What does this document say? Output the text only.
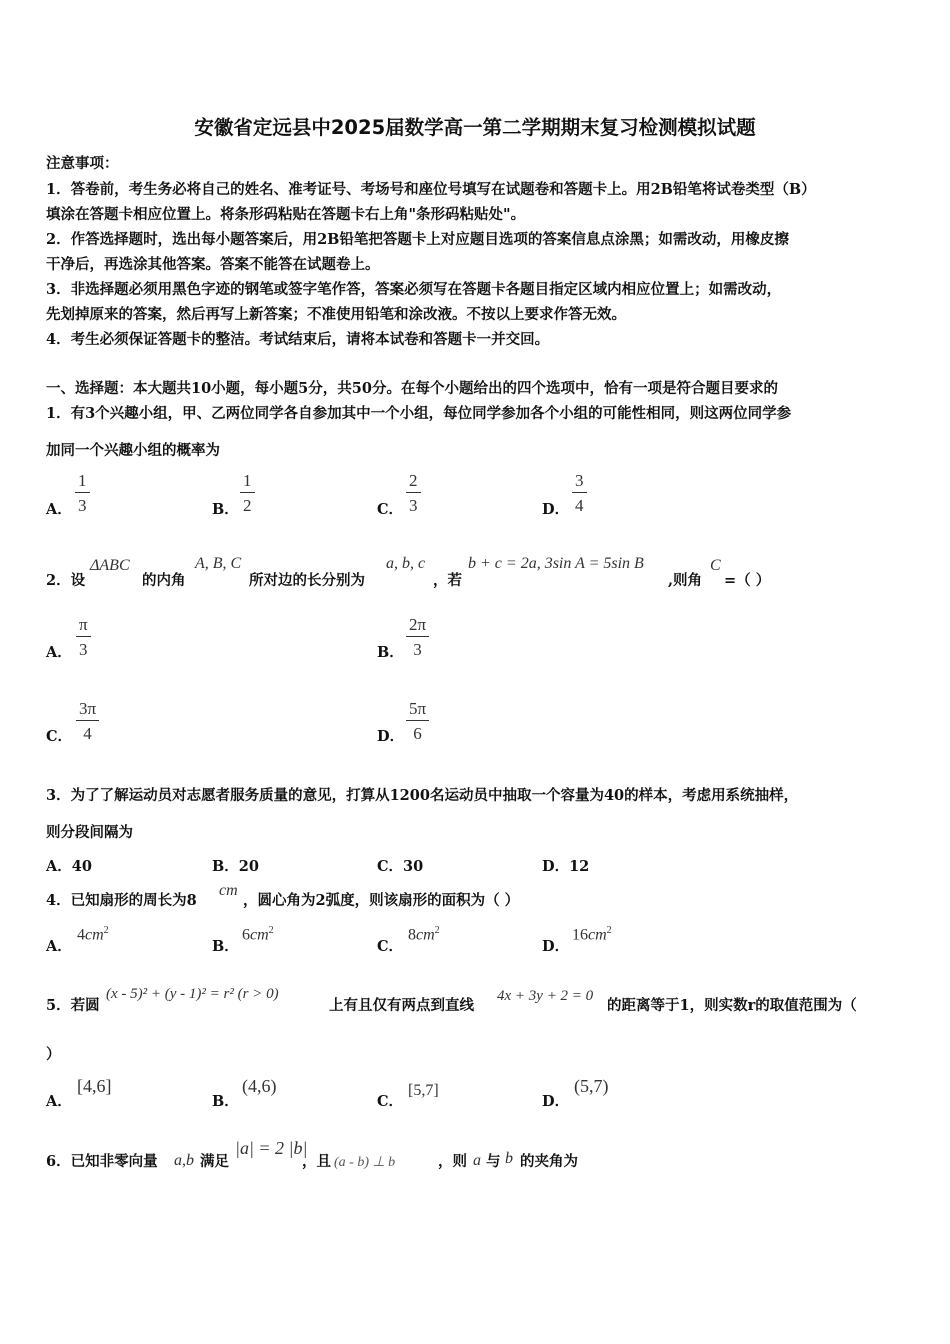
安徽省定远县中2025届数学高一第二学期期末复习检测模拟试题
注意事项：
1．答卷前，考生务必将自己的姓名、准考证号、考场号和座位号填写在试题卷和答题卡上。用2B铅笔将试卷类型（B）
填涂在答题卡相应位置上。将条形码粘贴在答题卡右上角"条形码粘贴处"。
2．作答选择题时，选出每小题答案后，用2B铅笔把答题卡上对应题目选项的答案信息点涂黑；如需改动，用橡皮擦
干净后，再选涂其他答案。答案不能答在试题卷上。
3．非选择题必须用黑色字迹的钢笔或签字笔作答，答案必须写在答题卡各题目指定区域内相应位置上；如需改动，
先划掉原来的答案，然后再写上新答案；不准使用铅笔和涂改液。不按以上要求作答无效。
4．考生必须保证答题卡的整洁。考试结束后，请将本试卷和答题卡一并交回。
一、选择题：本大题共10小题，每小题5分，共50分。在每个小题给出的四个选项中，恰有一项是符合题目要求的
1．有3个兴趣小组，甲、乙两位同学各自参加其中一个小组，每位同学参加各个小组的可能性相同，则这两位同学参
加同一个兴趣小组的概率为
A． $\frac{1}{3}$	B． $\frac{1}{2}$	C． $\frac{2}{3}$	D． $\frac{3}{4}$
2．设
ΔABC
的内角
A, B, C
所对边的长分别为
a, b, c
，若
b + c = 2a, 3sin A = 5sin B
,则角
C
=（ ）
A． $\frac{\pi}{3}$	B． $\frac{2\pi}{3}$
C． $\frac{3\pi}{4}$	D． $\frac{5\pi}{6}$
3．为了了解运动员对志愿者服务质量的意见，打算从1200名运动员中抽取一个容量为40的样本，考虑用系统抽样，
则分段间隔为
A．40	B．20	C．30	D．12
4．已知扇形的周长为8
cm
，圆心角为2弧度，则该扇形的面积为（ ）
A．
$4cm^2$
B．
$6cm^2$
C．
$8cm^2$
D．
$16cm^2$
5．若圆
(x - 5)² + (y - 1)² = r² (r > 0)
上有且仅有两点到直线
4x + 3y + 2 = 0
的距离等于1，则实数r的取值范围为（
）
A．
[4,6]
B．
(4,6)
C．
[5,7]
D．
(5,7)
6．已知非零向量 a,b 满足
|a| = 2 |b|
，且 (a - b) ⊥ b	，则 a 与 b 的夹角为
